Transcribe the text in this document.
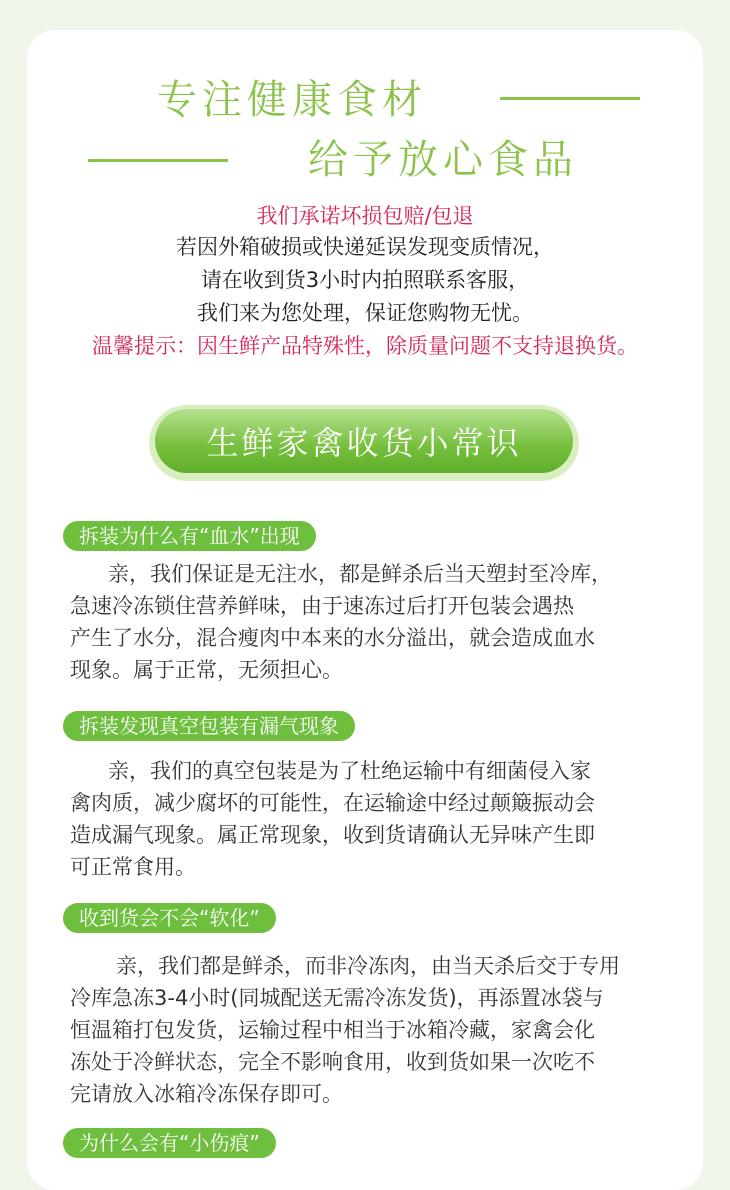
专注健康食材
给予放心食品
我们承诺坏损包赔/包退
若因外箱破损或快递延误发现变质情况，
请在收到货3小时内拍照联系客服，
我们来为您处理，保证您购物无忧。
温馨提示：因生鲜产品特殊性，除质量问题不支持退换货。
生鲜家禽收货小常识
拆装为什么有“血水”出现
亲，我们保证是无注水，都是鲜杀后当天塑封至冷库，
急速冷冻锁住营养鲜味，由于速冻过后打开包装会遇热
产生了水分，混合瘦肉中本来的水分溢出，就会造成血水
现象。属于正常，无须担心。
拆装发现真空包装有漏气现象
亲，我们的真空包装是为了杜绝运输中有细菌侵入家
禽肉质，减少腐坏的可能性，在运输途中经过颠簸振动会
造成漏气现象。属正常现象，收到货请确认无异味产生即
可正常食用。
收到货会不会“软化”
亲，我们都是鲜杀，而非冷冻肉，由当天杀后交于专用
冷库急冻3-4小时(同城配送无需冷冻发货)，再添置冰袋与
恒温箱打包发货，运输过程中相当于冰箱冷藏，家禽会化
冻处于冷鲜状态，完全不影响食用，收到货如果一次吃不
完请放入冰箱冷冻保存即可。
为什么会有“小伤痕”
